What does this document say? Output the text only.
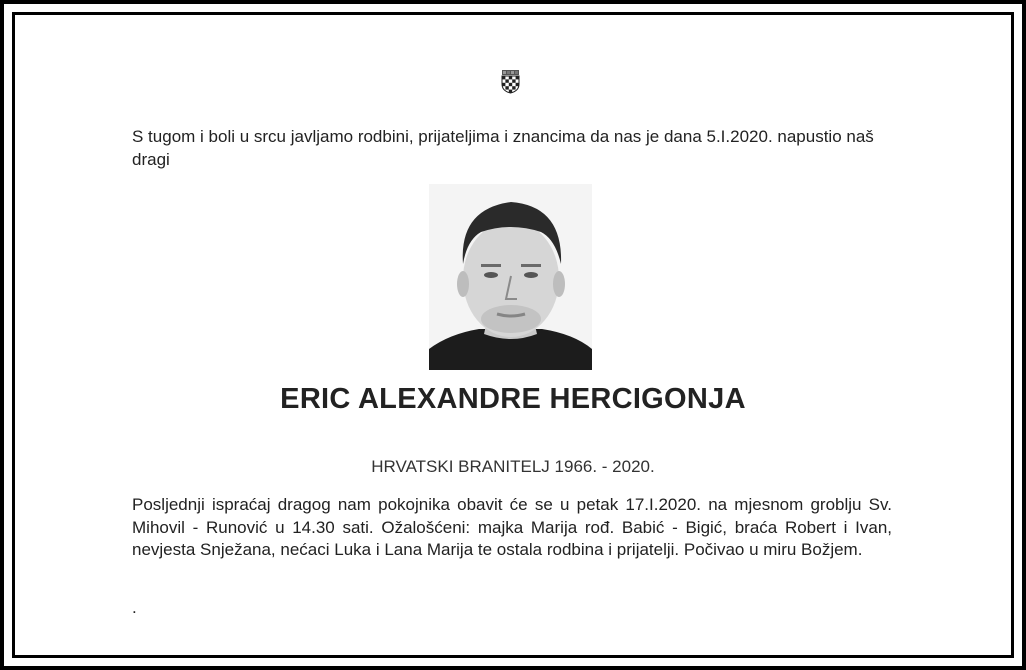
S tugom i boli u srcu javljamo rodbini, prijateljima i znancima da nas je dana 5.I.2020. napustio naš dragi

ERIC ALEXANDRE HERCIGONJA

HRVATSKI BRANITELJ 1966. - 2020.

Posljednji ispraćaj dragog nam pokojnika obavit će se u petak 17.I.2020. na mjesnom groblju Sv. Mihovil - Runović u 14.30 sati. Ožalošćeni: majka Marija rođ. Babić - Bigić, braća Robert i Ivan, nevjesta Snježana, nećaci Luka i Lana Marija te ostala rodbina i prijatelji. Počivao u miru Božjem.

.
